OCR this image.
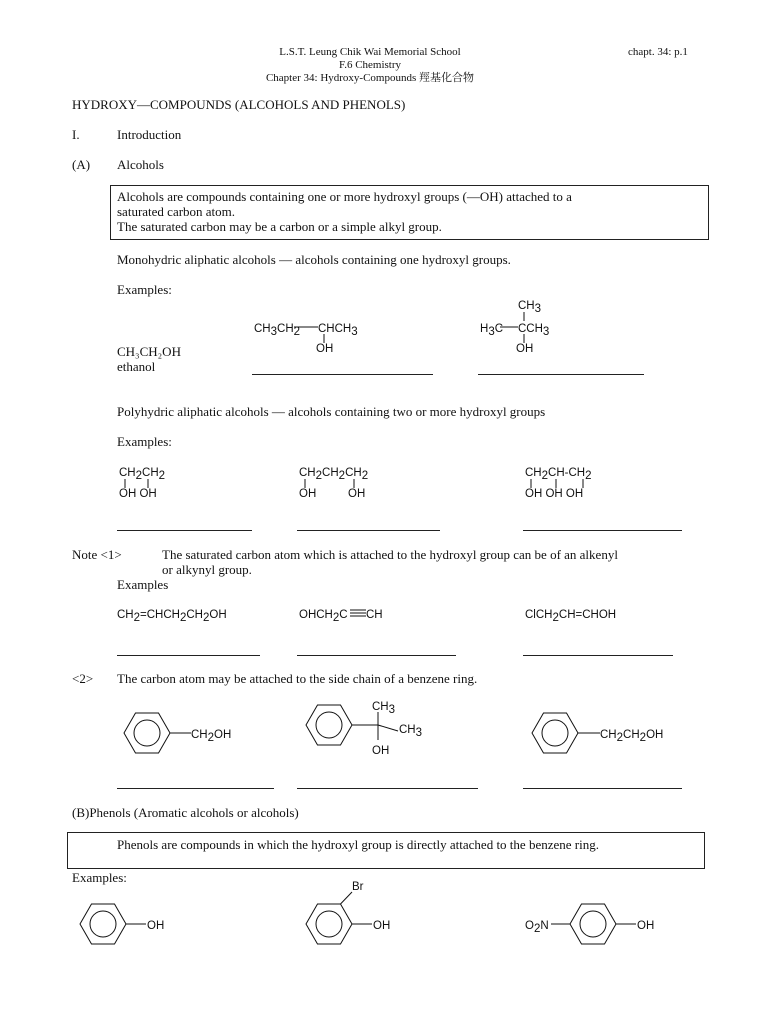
L.S.T. Leung Chik Wai Memorial School
F.6 Chemistry
Chapter 34: Hydroxy-Compounds 羥基化合物
chapt. 34: p.1
HYDROXY—COMPOUNDS (ALCOHOLS AND PHENOLS)
I.	Introduction
(A) Alcohols
Alcohols are compounds containing one or more hydroxyl groups (—OH) attached to a
saturated carbon atom.
The saturated carbon may be a carbon or a simple alkyl group.
Monohydric aliphatic alcohols — alcohols containing one hydroxyl groups.
Examples:
CH₃CH₂OH
ethanol
Polyhydric aliphatic alcohols — alcohols containing two or more hydroxyl groups
Examples:
Note <1>	The saturated carbon atom which is attached to the hydroxyl group can be of an alkenyl
or alkynyl group.
Examples
<2> The carbon atom may be attached to the side chain of a benzene ring.
(B)Phenols (Aromatic alcohols or alcohols)
Phenols are compounds in which the hydroxyl group is directly attached to the benzene ring.
Examples:
CH3CH2 CHCH3
OH
CH3
H3C CCH3
OH
CH2CH2
OH OH
CH2CH2CH2
OH	OH
CH2CH-CH2
OH OH OH
CH2=CHCH2CH2OH	OHCH2C CH	ClCH2CH=CHOH
CH2OH
CH3
CH3
OH
CH2CH2OH
OH	OH
Br
O2N	OH
